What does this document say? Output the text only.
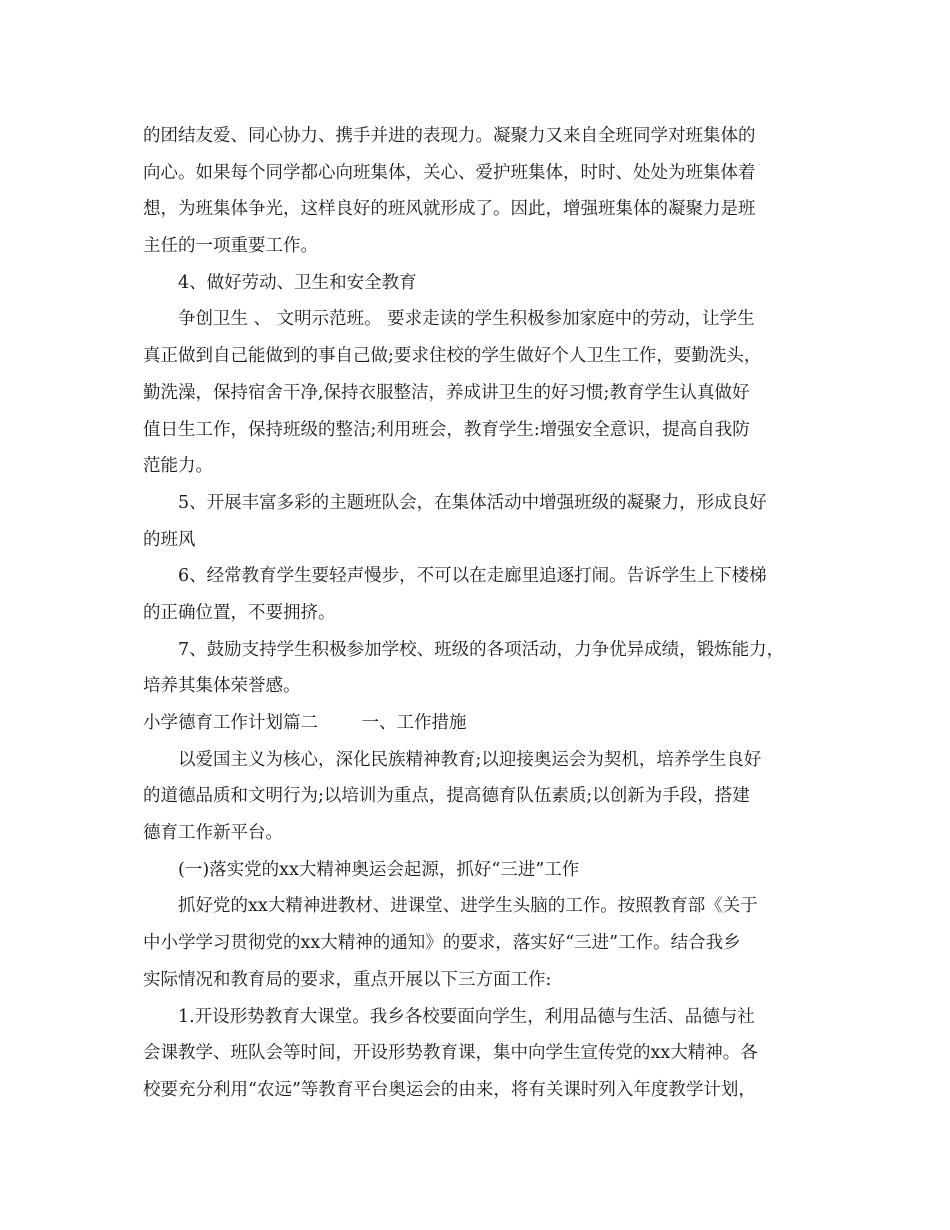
的团结友爱、同心协力、携手并进的表现力。凝聚力又来自全班同学对班集体的
向心。如果每个同学都心向班集体，关心、爱护班集体，时时、处处为班集体着
想，为班集体争光，这样良好的班风就形成了。因此，增强班集体的凝聚力是班
主任的一项重要工作。
4、做好劳动、卫生和安全教育
争创卫生 、 文明示范班。 要求走读的学生积极参加家庭中的劳动，让学生
真正做到自己能做到的事自己做;要求住校的学生做好个人卫生工作，要勤洗头，
勤洗澡，保持宿舍干净,保持衣服整洁，养成讲卫生的好习惯;教育学生认真做好
值日生工作，保持班级的整洁;利用班会，教育学生:增强安全意识，提高自我防
范能力。
5、开展丰富多彩的主题班队会，在集体活动中增强班级的凝聚力，形成良好
的班风
6、经常教育学生要轻声慢步，不可以在走廊里追逐打闹。告诉学生上下楼梯
的正确位置，不要拥挤。
7、鼓励支持学生积极参加学校、班级的各项活动，力争优异成绩，锻炼能力，
培养其集体荣誉感。
小学德育工作计划篇二 一、工作措施
以爱国主义为核心，深化民族精神教育;以迎接奥运会为契机，培养学生良好
的道德品质和文明行为;以培训为重点，提高德育队伍素质;以创新为手段，搭建
德育工作新平台。
(一)落实党的xx大精神奥运会起源，抓好“三进”工作
抓好党的xx大精神进教材、进课堂、进学生头脑的工作。按照教育部《关于
中小学学习贯彻党的xx大精神的通知》的要求，落实好“三进”工作。结合我乡
实际情况和教育局的要求，重点开展以下三方面工作:
1.开设形势教育大课堂。我乡各校要面向学生，利用品德与生活、品德与社
会课教学、班队会等时间，开设形势教育课，集中向学生宣传党的xx大精神。各
校要充分利用“农远”等教育平台奥运会的由来，将有关课时列入年度教学计划，
